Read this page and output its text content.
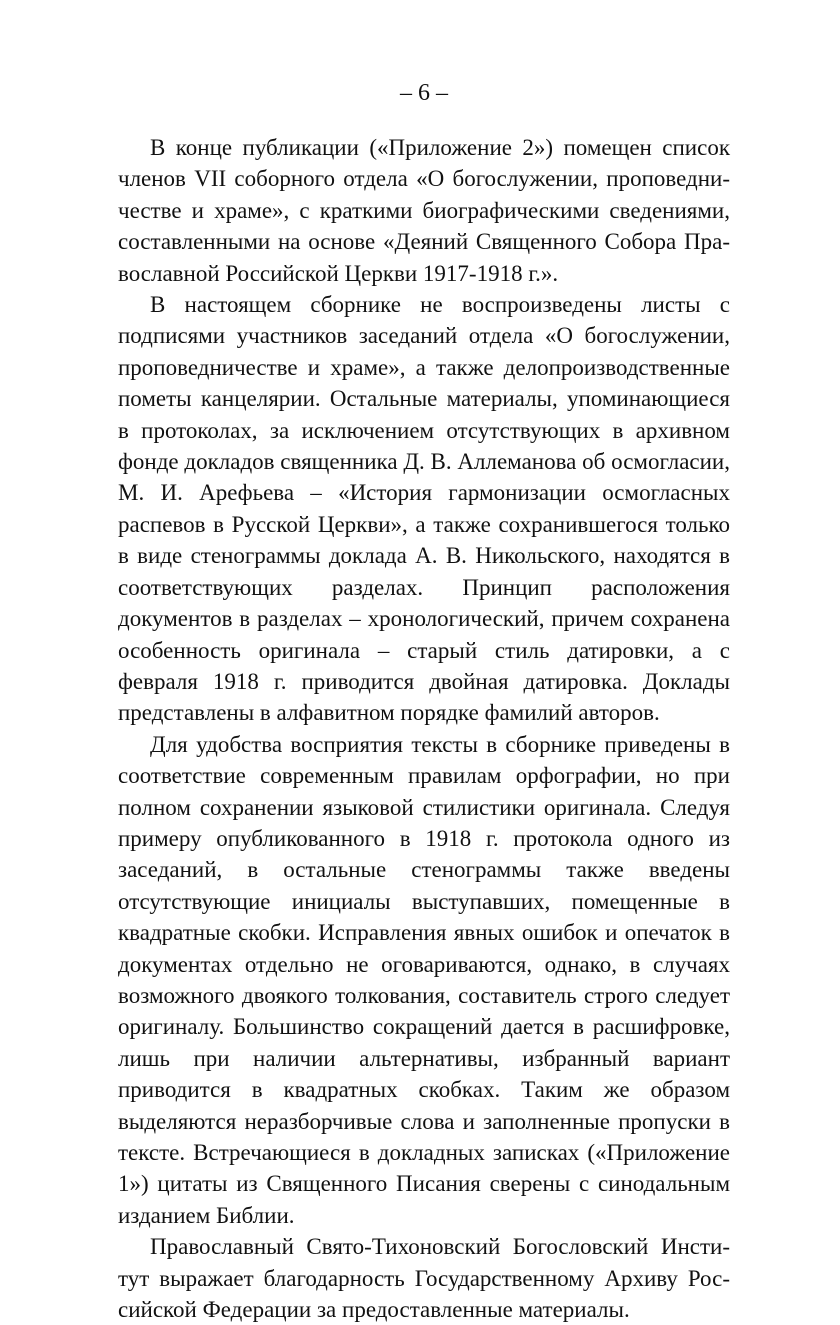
– 6 –

В конце публикации («Приложение 2») помещен список членов VII соборного отдела «О богослужении, проповедничестве и храме», с краткими биографическими сведениями, составленными на основе «Деяний Священного Собора Православной Российской Церкви 1917-1918 г.».

В настоящем сборнике не воспроизведены листы с подписями участников заседаний отдела «О богослужении, проповедничестве и храме», а также делопроизводственные пометы канцелярии. Остальные материалы, упоминающиеся в протоколах, за исключением отсутствующих в архивном фонде докладов священника Д. В. Аллеманова об осмогласии, М. И. Арефьева – «История гармонизации осмогласных распевов в Русской Церкви», а также сохранившегося только в виде стенограммы доклада А. В. Никольского, находятся в соответствующих разделах. Принцип расположения документов в разделах – хронологический, причем сохранена особенность оригинала – старый стиль датировки, а с февраля 1918 г. приводится двойная датировка. Доклады представлены в алфавитном порядке фамилий авторов.

Для удобства восприятия тексты в сборнике приведены в соответствие современным правилам орфографии, но при полном сохранении языковой стилистики оригинала. Следуя примеру опубликованного в 1918 г. протокола одного из заседаний, в остальные стенограммы также введены отсутствующие инициалы выступавших, помещенные в квадратные скобки. Исправления явных ошибок и опечаток в документах отдельно не оговариваются, однако, в случаях возможного двоякого толкования, составитель строго следует оригиналу. Большинство сокращений дается в расшифровке, лишь при наличии альтернативы, избранный вариант приводится в квадратных скобках. Таким же образом выделяются неразборчивые слова и заполненные пропуски в тексте. Встречающиеся в докладных записках («Приложение 1») цитаты из Священного Писания сверены с синодальным изданием Библии.

Православный Свято-Тихоновский Богословский Институт выражает благодарность Государственному Архиву Российской Федерации за предоставленные материалы.
